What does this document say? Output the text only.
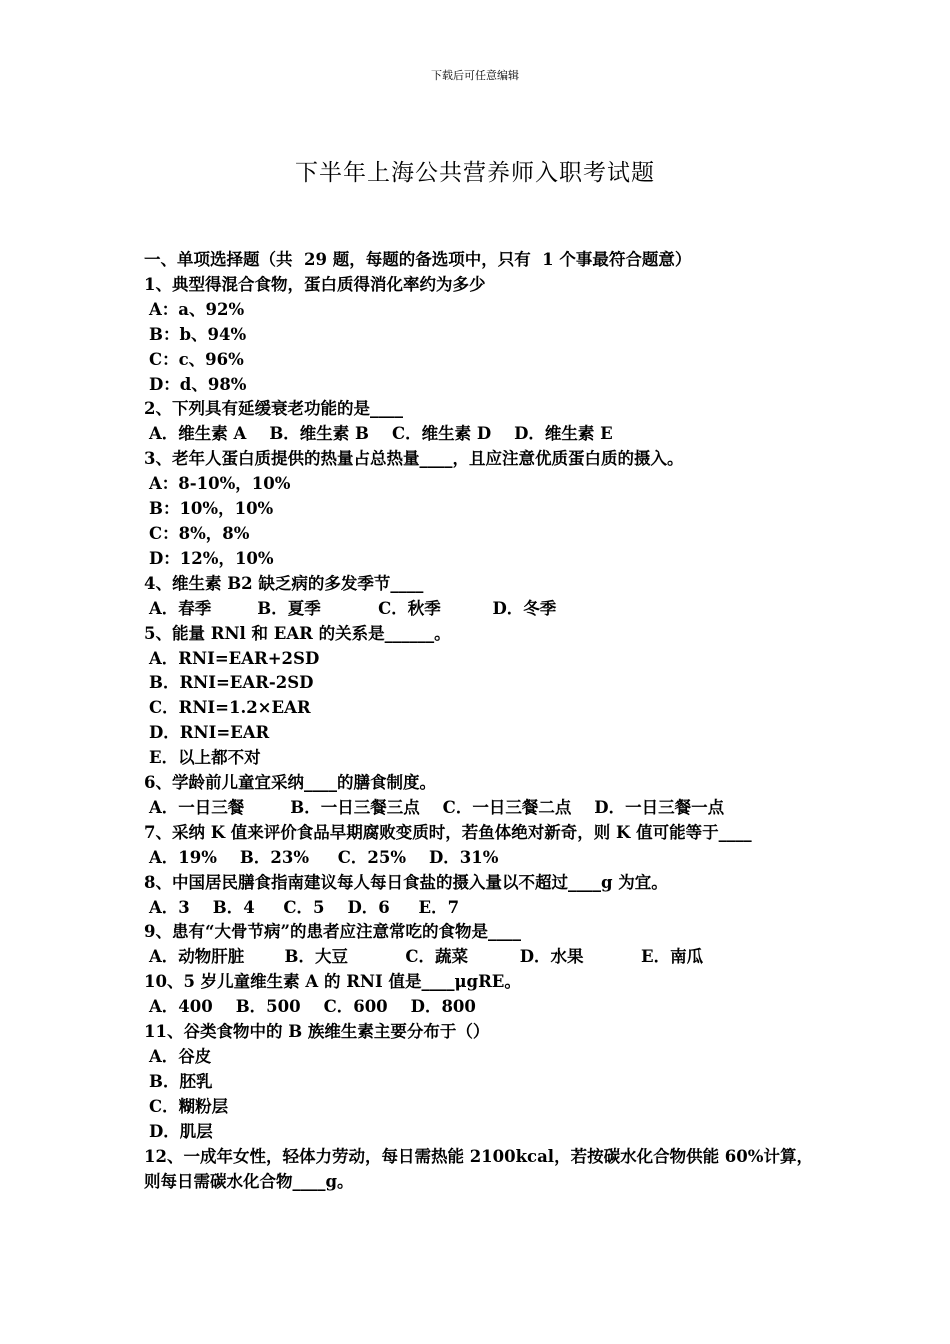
下载后可任意编辑
下半年上海公共营养师入职考试题
一、单项选择题（共  29 题，每题的备选项中，只有  1 个事最符合题意）
1、典型得混合食物，蛋白质得消化率约为多少
A：a、92%
B：b、94%
C：c、96%
D：d、98%
2、下列具有延缓衰老功能的是____
A．维生素 A    B．维生素 B    C．维生素 D    D．维生素 E
3、老年人蛋白质提供的热量占总热量____，且应注意优质蛋白质的摄入。
A：8-10%，10%
B：10%，10%
C：8%，8%
D：12%，10%
4、维生素 B2 缺乏病的多发季节____
A．春季        B．夏季          C．秋季         D．冬季
5、能量 RNl 和 EAR 的关系是______。
A．RNI=EAR+2SD
B．RNI=EAR-2SD
C．RNI=1.2×EAR
D．RNI=EAR
E．以上都不对
6、学龄前儿童宜采纳____的膳食制度。
A．一日三餐        B．一日三餐三点    C．一日三餐二点    D．一日三餐一点
7、采纳 K 值来评价食品早期腐败变质时，若鱼体绝对新奇，则 K 值可能等于____
A．19%    B．23%     C．25%    D．31%
8、中国居民膳食指南建议每人每日食盐的摄入量以不超过____g 为宜。
A．3    B．4     C．5    D．6     E．7
9、患有“大骨节病”的患者应注意常吃的食物是____
A．动物肝脏       B．大豆          C．蔬菜         D．水果          E．南瓜
10、5 岁儿童维生素 A 的 RNI 值是____μgRE。
A．400    B．500    C．600    D．800
11、谷类食物中的 B 族维生素主要分布于（）
A．谷皮
B．胚乳
C．糊粉层
D．肌层
12、一成年女性，轻体力劳动，每日需热能 2100kcal，若按碳水化合物供能 60%计算，则每日需碳水化合物____g。
